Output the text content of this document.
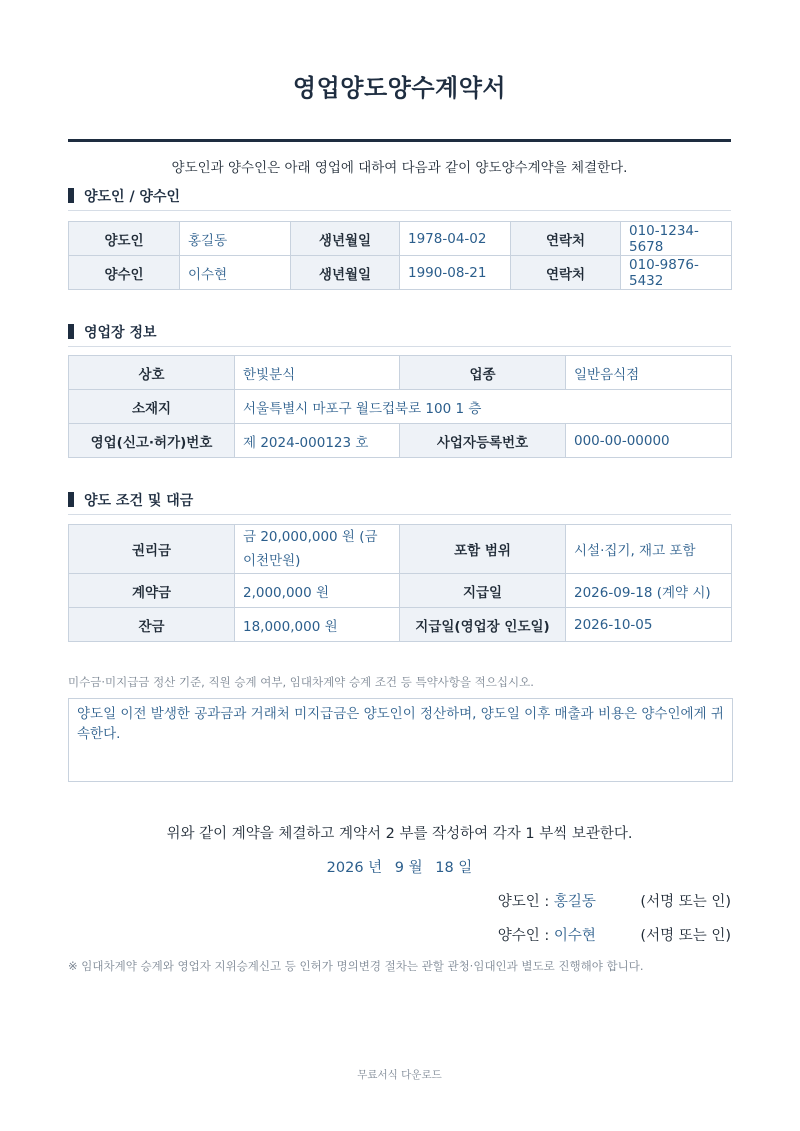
영업양도양수계약서
양도인과 양수인은 아래 영업에 대하여 다음과 같이 양도양수계약을 체결한다.
양도인 / 양수인
양도인	홍길동	생년월일	1978-04-02	연락처	010-1234-5678
양수인	이수현	생년월일	1990-08-21	연락처	010-9876-5432
영업장 정보
상호	한빛분식	업종	일반음식점
소재지	서울특별시 마포구 월드컵북로 100 1 층		
영업(신고·허가)번호	제 2024-000123 호	사업자등록번호	000-00-00000
양도 조건 및 대금
권리금	금 20,000,000 원 (금 이천만원)	포함 범위	시설·집기, 재고 포함
계약금	2,000,000 원	지급일	2026-09-18 (계약 시)
잔금	18,000,000 원	지급일(영업장 인도일)	2026-10-05
미수금·미지급금 정산 기준, 직원 승계 여부, 임대차계약 승계 조건 등 특약사항을 적으십시오.
양도일 이전 발생한 공과금과 거래처 미지급금은 양도인이 정산하며, 양도일 이후 매출과 비용은 양수인에게 귀속한다.
위와 같이 계약을 체결하고 계약서 2 부를 작성하여 각자 1 부씩 보관한다.
2026 년 9 월 18 일
양도인 : 홍길동	(서명 또는 인)
양수인 : 이수현	(서명 또는 인)
※ 임대차계약 승계와 영업자 지위승계신고 등 인허가 명의변경 절차는 관할 관청·임대인과 별도로 진행해야 합니다.
무료서식 다운로드
